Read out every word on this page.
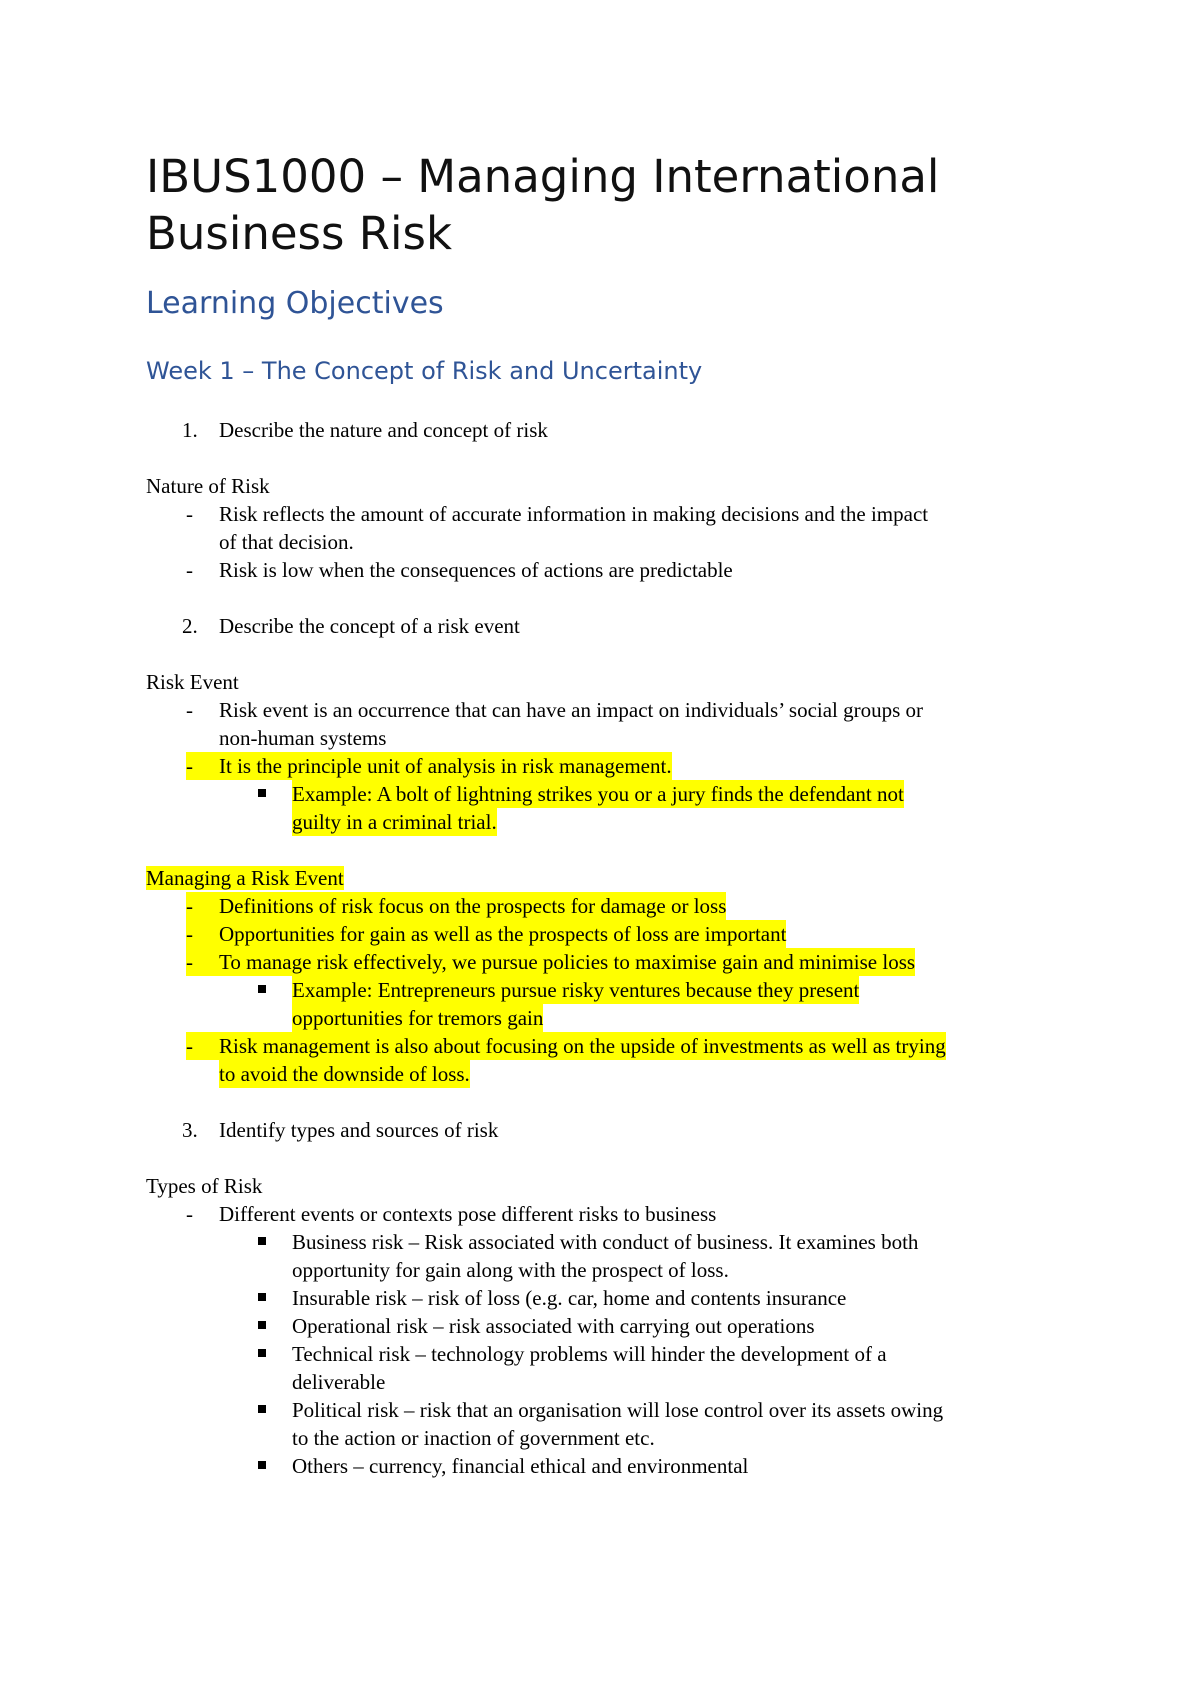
IBUS1000 – Managing International Business Risk
Learning Objectives
Week 1 – The Concept of Risk and Uncertainty
1. Describe the nature and concept of risk
Nature of Risk
- Risk reflects the amount of accurate information in making decisions and the impact
of that decision.
- Risk is low when the consequences of actions are predictable
2. Describe the concept of a risk event
Risk Event
- Risk event is an occurrence that can have an impact on individuals’ social groups or
non-human systems
- It is the principle unit of analysis in risk management.
Example: A bolt of lightning strikes you or a jury finds the defendant not
guilty in a criminal trial.
Managing a Risk Event
- Definitions of risk focus on the prospects for damage or loss
- Opportunities for gain as well as the prospects of loss are important
- To manage risk effectively, we pursue policies to maximise gain and minimise loss
Example: Entrepreneurs pursue risky ventures because they present
opportunities for tremors gain
- Risk management is also about focusing on the upside of investments as well as trying
to avoid the downside of loss.
3. Identify types and sources of risk
Types of Risk
- Different events or contexts pose different risks to business
Business risk – Risk associated with conduct of business. It examines both
opportunity for gain along with the prospect of loss.
Insurable risk – risk of loss (e.g. car, home and contents insurance
Operational risk – risk associated with carrying out operations
Technical risk – technology problems will hinder the development of a
deliverable
Political risk – risk that an organisation will lose control over its assets owing
to the action or inaction of government etc.
Others – currency, financial ethical and environmental
